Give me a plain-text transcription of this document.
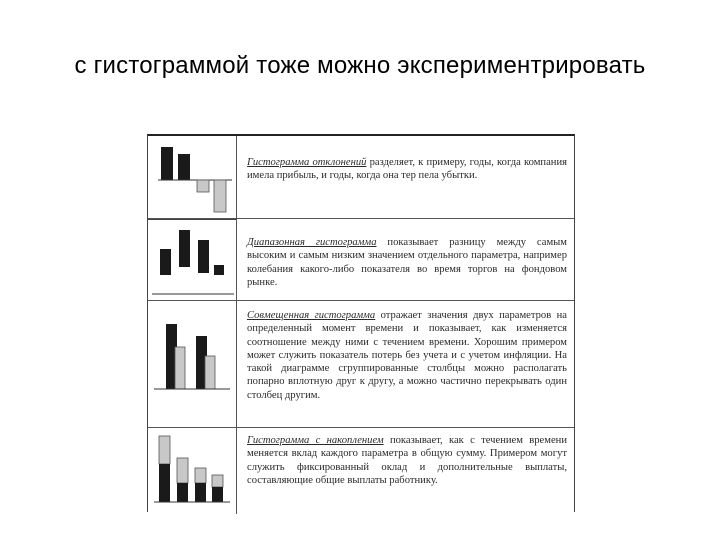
с гистограммой тоже можно экспериментрировать
Гистограмма отклонений разделяет, к примеру, годы, когда компания имела прибыль, и годы, когда она тер пела убытки.
Диапазонная гистограмма показывает разницу между самым высоким и самым низким значением отдельного параметра, например колебания какого-либо показателя во время торгов на фондовом рынке.
Совмещенная гистограмма отражает значения двух параметров на определенный момент времени и показывает, как изменяется соотношение между ними с течением времени. Хорошим примером может служить показатель потерь без учета и с учетом инфляции. На такой диаграмме сгруппированные столбцы можно располагать попарно вплотную друг к другу, а можно частично перекрывать один столбец другим.
Гистограмма с накоплением показывает, как с течением времени меняется вклад каждого параметра в общую сумму. Примером могут служить фиксированный оклад и дополнительные выплаты, составляющие общие выплаты работнику.
